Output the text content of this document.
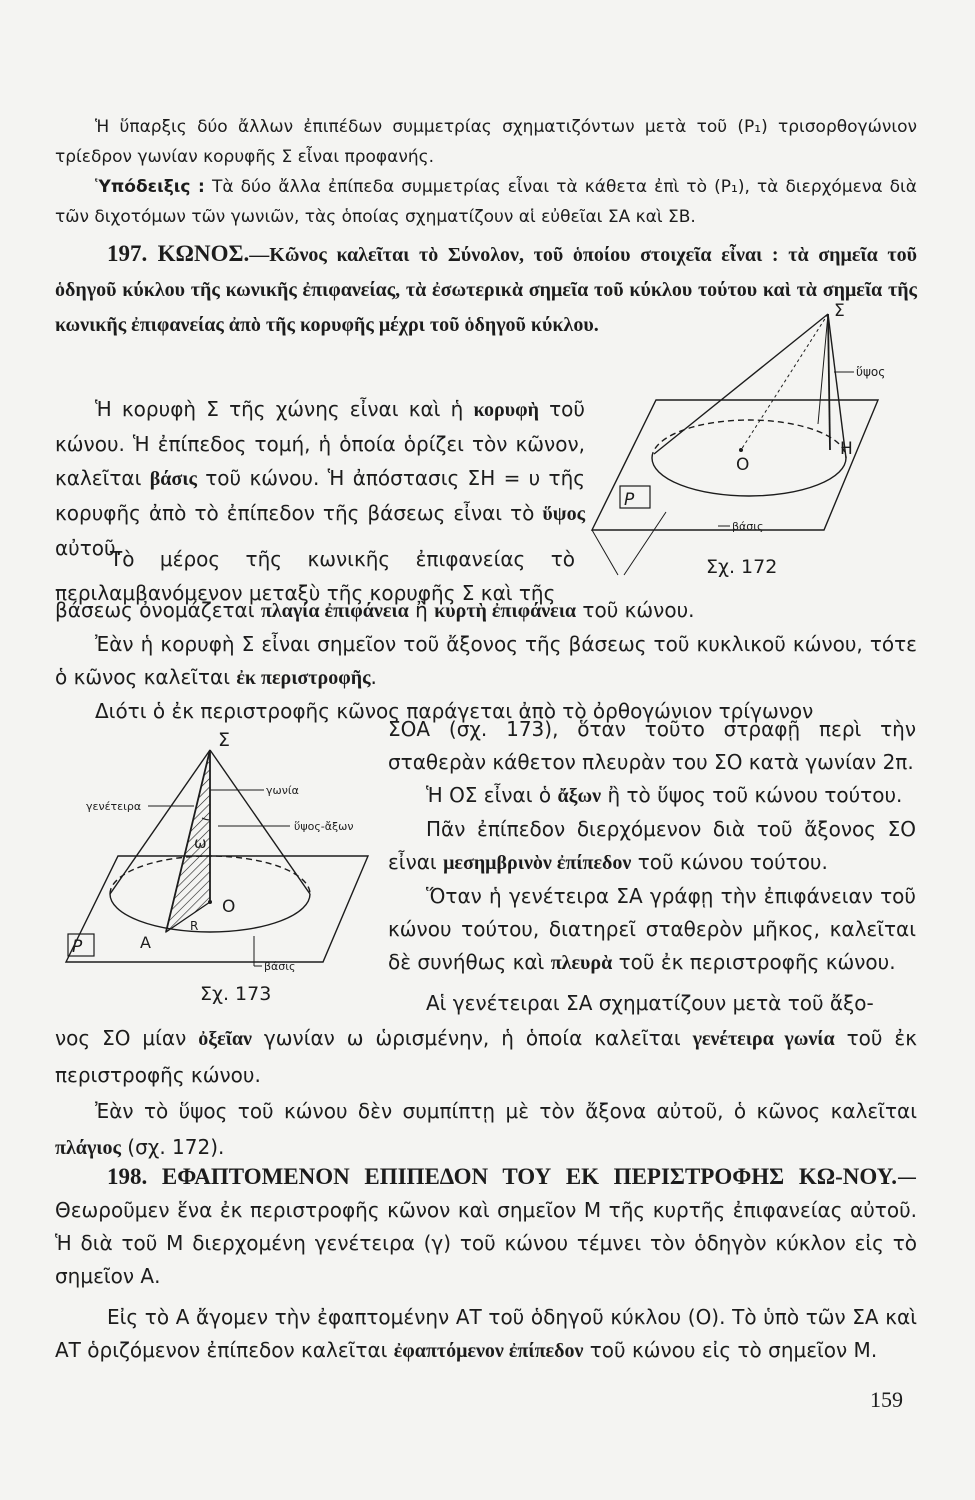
Ἡ ὕπαρξις δύο ἄλλων ἐπιπέδων συμμετρίας σχηματιζόντων μετὰ τοῦ (P₁) τρισορθογώνιον τρίεδρον γωνίαν κορυφῆς Σ εἶναι προφανής.

Ὑπόδειξις : Τὰ δύο ἄλλα ἐπίπεδα συμμετρίας εἶναι τὰ κάθετα ἐπὶ τὸ (P₁), τὰ διερχόμενα διὰ τῶν διχοτόμων τῶν γωνιῶν, τὰς ὁποίας σχηματίζουν αἱ εὐθεῖαι ΣΑ καὶ ΣΒ.

197. ΚΩΝΟΣ.—Κῶνος καλεῖται τὸ Σύνολον, τοῦ ὁποίου στοιχεῖα εἶναι : τὰ σημεῖα τοῦ ὁδηγοῦ κύκλου τῆς κωνικῆς ἐπιφανείας, τὰ ἐσωτερικὰ σημεῖα τοῦ κύκλου τούτου καὶ τὰ σημεῖα τῆς κωνικῆς ἐπιφανείας ἀπὸ τῆς κορυφῆς μέχρι τοῦ ὁδηγοῦ κύκλου.

Ἡ κορυφὴ Σ τῆς χώνης εἶναι καὶ ἡ κορυφὴ τοῦ κώνου. Ἡ ἐπίπεδος τομή, ἡ ὁποία ὁρίζει τὸν κῶνον, καλεῖται βάσις τοῦ κώνου. Ἡ ἀπόστασις ΣΗ = υ τῆς κορυφῆς ἀπὸ τὸ ἐπίπεδον τῆς βάσεως εἶναι τὸ ὕψος αὐτοῦ.

Τὸ μέρος τῆς κωνικῆς ἐπιφανείας τὸ περιλαμβανόμενον μεταξὺ τῆς κορυφῆς Σ καὶ τῆς

βάσεως ὀνομάζεται πλαγία ἐπιφάνεια ἢ κυρτὴ ἐπιφάνεια τοῦ κώνου.

Ἐὰν ἡ κορυφὴ Σ εἶναι σημεῖον τοῦ ἄξονος τῆς βάσεως τοῦ κυκλικοῦ κώνου, τότε ὁ κῶνος καλεῖται ἐκ περιστροφῆς.

Διότι ὁ ἐκ περιστροφῆς κῶνος παράγεται ἀπὸ τὸ ὀρθογώνιον τρίγωνον

ΣΟΑ (σχ. 173), ὅταν τοῦτο στραφῇ περὶ τὴν σταθερὰν κάθετον πλευρὰν του ΣΟ κατὰ γωνίαν 2π.

Ἡ ΟΣ εἶναι ὁ ἄξων ἢ τὸ ὕψος τοῦ κώνου τούτου.

Πᾶν ἐπίπεδον διερχόμενον διὰ τοῦ ἄξονος ΣΟ εἶναι μεσημβρινὸν ἐπίπεδον τοῦ κώνου τούτου.

Ὅταν ἡ γενέτειρα ΣΑ γράφῃ τὴν ἐπιφάνειαν τοῦ κώνου τούτου, διατηρεῖ σταθερὸν μῆκος, καλεῖται δὲ συνήθως καὶ πλευρὰ τοῦ ἐκ περιστροφῆς κώνου.

Αἱ γενέτειραι ΣΑ σχηματίζουν μετὰ τοῦ ἄξο-

νος ΣΟ μίαν ὀξεῖαν γωνίαν ω ὡρισμένην, ἡ ὁποία καλεῖται γενέτειρα γωνία τοῦ ἐκ περιστροφῆς κώνου.

Ἐὰν τὸ ὕψος τοῦ κώνου δὲν συμπίπτῃ μὲ τὸν ἄξονα αὐτοῦ, ὁ κῶνος καλεῖται πλάγιος (σχ. 172).

198. ΕΦΑΠΤΟΜΕΝΟΝ ΕΠΙΠΕΔΟΝ ΤΟΥ ΕΚ ΠΕΡΙΣΤΡΟΦΗΣ ΚΩ-ΝΟΥ.— Θεωροῦμεν ἕνα ἐκ περιστροφῆς κῶνον καὶ σημεῖον Μ τῆς κυρτῆς ἐπιφανείας αὐτοῦ. Ἡ διὰ τοῦ Μ διερχομένη γενέτειρα (γ) τοῦ κώνου τέμνει τὸν ὁδηγὸν κύκλον εἰς τὸ σημεῖον Α.

Εἰς τὸ Α ἄγομεν τὴν ἐφαπτομένην ΑΤ τοῦ ὁδηγοῦ κύκλου (Ο). Τὸ ὑπὸ τῶν ΣΑ καὶ ΑΤ ὁριζόμενον ἐπίπεδον καλεῖται ἐφαπτόμενον ἐπίπεδον τοῦ κώνου εἰς τὸ σημεῖον Μ.

159
Σ
ὕψος
Η
Ο
P
βάσις
Σχ. 172
Σ
γωνία
ὕψος-ἄξων
γενέτειρα
ω
Ο
R
A
P
βάσις
Σχ. 173
